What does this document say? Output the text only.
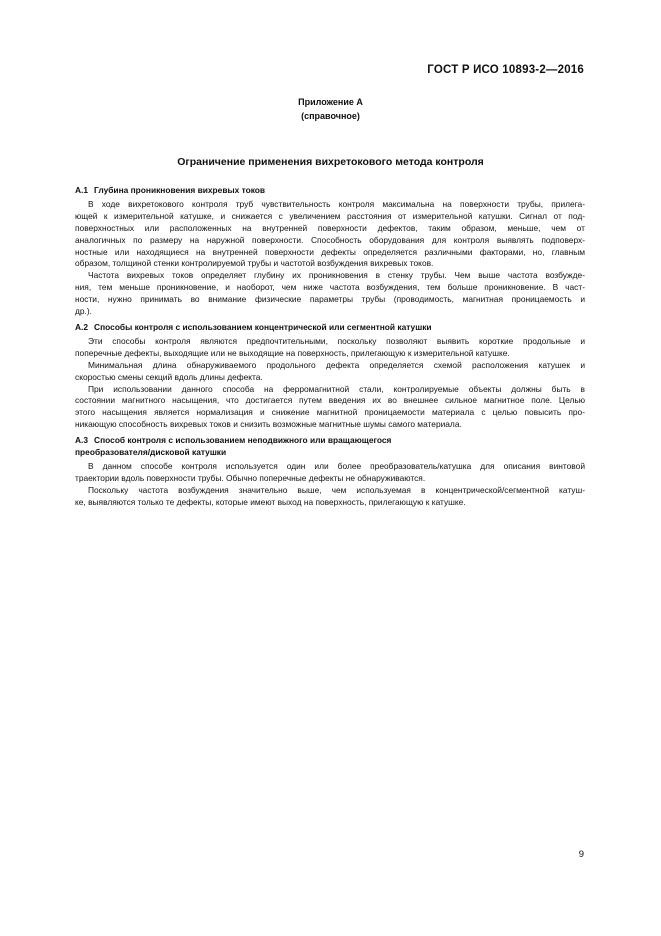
ГОСТ Р ИСО 10893-2—2016
Приложение А
(справочное)
Ограничение применения вихретокового метода контроля
А.1 Глубина проникновения вихревых токов

В ходе вихретокового контроля труб чувствительность контроля максимальна на поверхности трубы, прилега-
ющей к измерительной катушке, и снижается с увеличением расстояния от измерительной катушки. Сигнал от под-
поверхностных или расположенных на внутренней поверхности дефектов, таким образом, меньше, чем от
аналогичных по размеру на наружной поверхности. Способность оборудования для контроля выявлять подповерх-
ностные или находящиеся на внутренней поверхности дефекты определяется различными факторами, но, главным
образом, толщиной стенки контролируемой трубы и частотой возбуждения вихревых токов.

Частота вихревых токов определяет глубину их проникновения в стенку трубы. Чем выше частота возбужде-
ния, тем меньше проникновение, и наоборот, чем ниже частота возбуждения, тем больше проникновение. В част-
ности, нужно принимать во внимание физические параметры трубы (проводимость, магнитная проницаемость и
др.).

А.2 Способы контроля с использованием концентрической или сегментной катушки

Эти способы контроля являются предпочтительными, поскольку позволяют выявить короткие продольные и
поперечные дефекты, выходящие или не выходящие на поверхность, прилегающую к измерительной катушке.

Минимальная длина обнаруживаемого продольного дефекта определяется схемой расположения катушек и
скоростью смены секций вдоль длины дефекта.

При использовании данного способа на ферромагнитной стали, контролируемые объекты должны быть в
состоянии магнитного насыщения, что достигается путем введения их во внешнее сильное магнитное поле. Целью
этого насыщения является нормализация и снижение магнитной проницаемости материала с целью повысить про-
никающую способность вихревых токов и снизить возможные магнитные шумы самого материала.

А.3 Способ контроля с использованием неподвижного или вращающегося
преобразователя/дисковой катушки

В данном способе контроля используется один или более преобразователь/катушка для описания винтовой
траектории вдоль поверхности трубы. Обычно поперечные дефекты не обнаруживаются.

Поскольку частота возбуждения значительно выше, чем используемая в концентрической/сегментной катуш-
ке, выявляются только те дефекты, которые имеют выход на поверхность, прилегающую к катушке.

9
